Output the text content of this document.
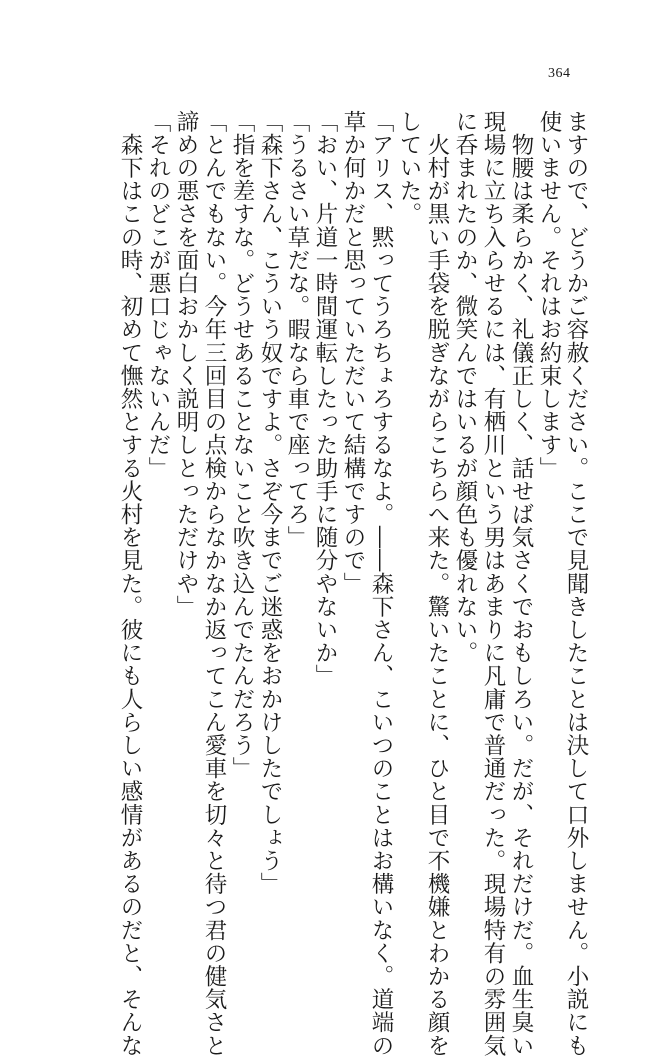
364
ますので、どうかご容赦ください。ここで見聞きしたことは決して口外しません。小説にも
使いません。それはお約束します」
　物腰は柔らかく、礼儀正しく、話せば気さくでおもしろい。だが、それだけだ。血生臭い
現場に立ち入らせるには、有栖川という男はあまりに凡庸で普通だった。現場特有の雰囲気
に呑まれたのか、微笑んではいるが顔色も優れない。
　火村が黒い手袋を脱ぎながらこちらへ来た。驚いたことに、ひと目で不機嫌とわかる顔を
していた。
「アリス、黙ってうろちょろするなよ。――森下さん、こいつのことはお構いなく。道端の
草か何かだと思っていただいて結構ですので」
「おい、片道一時間運転したった助手に随分やないか」
「うるさい草だな。暇なら車で座ってろ」
「森下さん、こういう奴ですよ。さぞ今までご迷惑をおかけしたでしょう」
「指を差すな。どうせあることないこと吹き込んでたんだろう」
「とんでもない。今年三回目の点検からなかなか返ってこん愛車を切々と待つ君の健気さと
諦めの悪さを面白おかしく説明しとっただけや」
「それのどこが悪口じゃないんだ」
　森下はこの時、初めて憮然とする火村を見た。彼にも人らしい感情があるのだと、そんな
